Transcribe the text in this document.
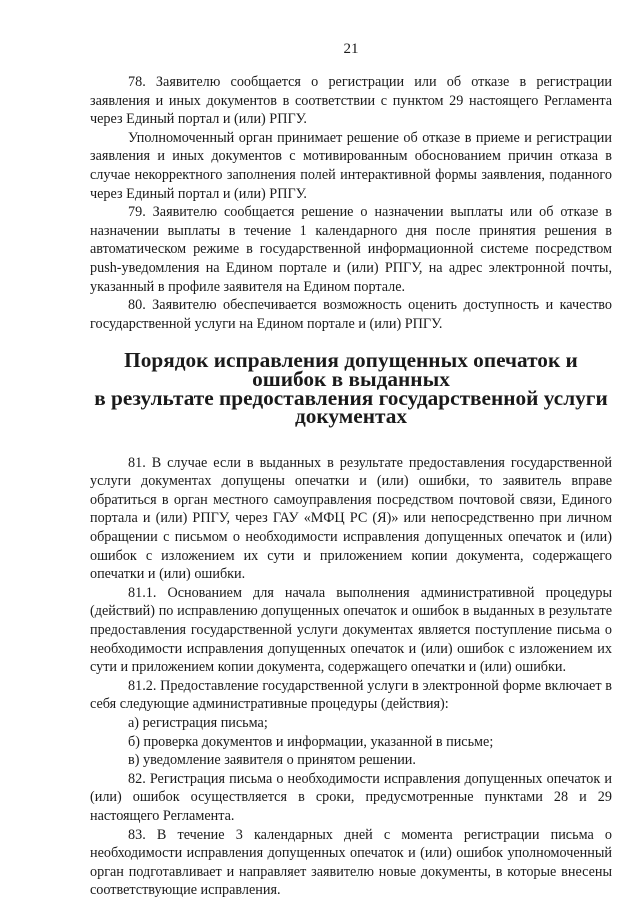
21

78. Заявителю сообщается о регистрации или об отказе в регистрации заявления и иных документов в соответствии с пунктом 29 настоящего Регламента через Единый портал и (или) РПГУ.

Уполномоченный орган принимает решение об отказе в приеме и регистрации заявления и иных документов с мотивированным обоснованием причин отказа в случае некорректного заполнения полей интерактивной формы заявления, поданного через Единый портал и (или) РПГУ.

79. Заявителю сообщается решение о назначении выплаты или об отказе в назначении выплаты в течение 1 календарного дня после принятия решения в автоматическом режиме в государственной информационной системе посредством push-уведомления на Едином портале и (или) РПГУ, на адрес электронной почты, указанный в профиле заявителя на Едином портале.

80. Заявителю обеспечивается возможность оценить доступность и качество государственной услуги на Едином портале и (или) РПГУ.

Порядок исправления допущенных опечаток и ошибок в выданных
в результате предоставления государственной услуги документах

81. В случае если в выданных в результате предоставления государственной услуги документах допущены опечатки и (или) ошибки, то заявитель вправе обратиться в орган местного самоуправления посредством почтовой связи, Единого портала и (или) РПГУ, через ГАУ «МФЦ РС (Я)» или непосредственно при личном обращении с письмом о необходимости исправления допущенных опечаток и (или) ошибок с изложением их сути и приложением копии документа, содержащего опечатки и (или) ошибки.

81.1. Основанием для начала выполнения административной процедуры (действий) по исправлению допущенных опечаток и ошибок в выданных в результате предоставления государственной услуги документах является поступление письма о необходимости исправления допущенных опечаток и (или) ошибок с изложением их сути и приложением копии документа, содержащего опечатки и (или) ошибки.

81.2. Предоставление государственной услуги в электронной форме включает в себя следующие административные процедуры (действия):

а) регистрация письма;

б) проверка документов и информации, указанной в письме;

в) уведомление заявителя о принятом решении.

82. Регистрация письма о необходимости исправления допущенных опечаток и (или) ошибок осуществляется в сроки, предусмотренные пунктами 28 и 29 настоящего Регламента.

83. В течение 3 календарных дней с момента регистрации письма о необходимости исправления допущенных опечаток и (или) ошибок уполномоченный орган подготавливает и направляет заявителю новые документы, в которые внесены соответствующие исправления.
